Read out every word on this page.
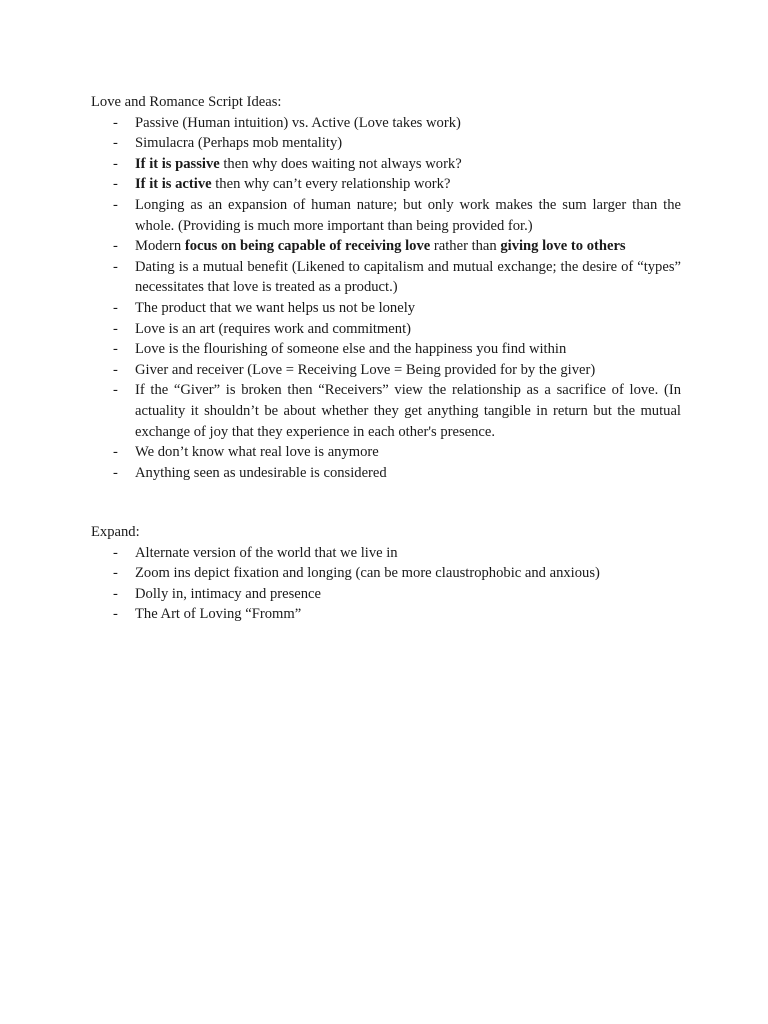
Love and Romance Script Ideas:

- Passive (Human intuition) vs. Active (Love takes work)
- Simulacra (Perhaps mob mentality)
- If it is passive then why does waiting not always work?
- If it is active then why can’t every relationship work?
- Longing as an expansion of human nature; but only work makes the sum larger than the whole. (Providing is much more important than being provided for.)
- Modern focus on being capable of receiving love rather than giving love to others
- Dating is a mutual benefit (Likened to capitalism and mutual exchange; the desire of “types” necessitates that love is treated as a product.)
- The product that we want helps us not be lonely
- Love is an art (requires work and commitment)
- Love is the flourishing of someone else and the happiness you find within
- Giver and receiver (Love = Receiving Love = Being provided for by the giver)
- If the “Giver” is broken then “Receivers” view the relationship as a sacrifice of love. (In actuality it shouldn’t be about whether they get anything tangible in return but the mutual exchange of joy that they experience in each other's presence.
- We don’t know what real love is anymore
- Anything seen as undesirable is considered

Expand:

- Alternate version of the world that we live in
- Zoom ins depict fixation and longing (can be more claustrophobic and anxious)
- Dolly in, intimacy and presence
- The Art of Loving “Fromm”
